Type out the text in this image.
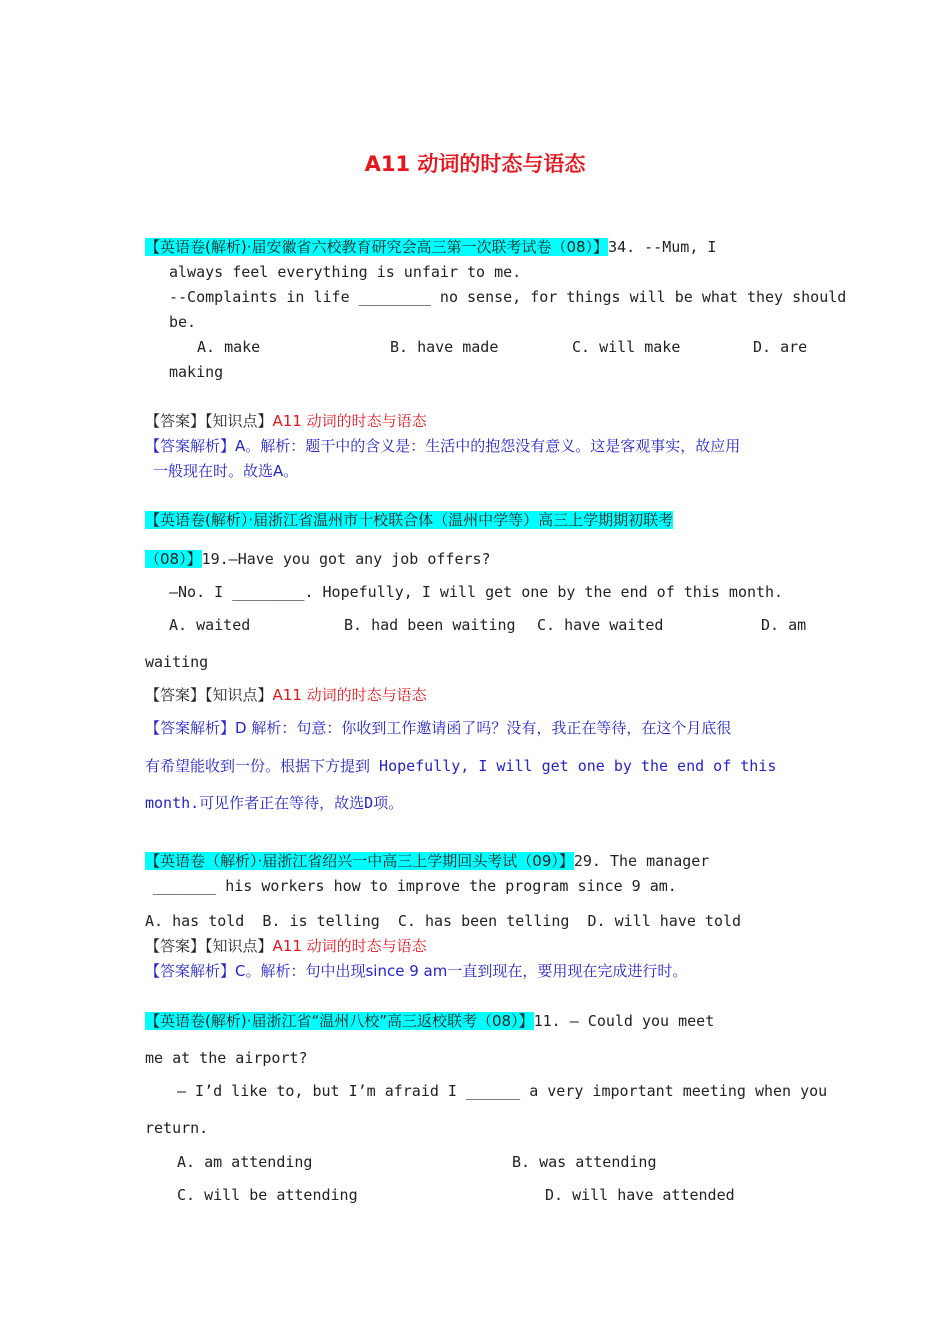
A11 动词的时态与语态
【英语卷(解析)·届安徽省六校教育研究会高三第一次联考试卷（08）】34. --Mum, I
always feel everything is unfair to me.
--Complaints in life ________ no sense, for things will be what they should
be.
A. make	B. have made	C. will make	D. are
making
【答案】【知识点】A11 动词的时态与语态
【答案解析】A。解析：题干中的含义是：生活中的抱怨没有意义。这是客观事实，故应用
一般现在时。故选A。
【英语卷(解析）·届浙江省温州市十校联合体（温州中学等）高三上学期期初联考
（08）】19.—Have you got any job offers?
—No. I ________. Hopefully, I will get one by the end of this month.
A. waited	B. had been waiting C. have waited	D. am
waiting
【答案】【知识点】A11 动词的时态与语态
【答案解析】D 解析：句意：你收到工作邀请函了吗？没有，我正在等待，在这个月底很
有希望能收到一份。根据下方提到 Hopefully, I will get one by the end of this
month.可见作者正在等待，故选D项。
【英语卷（解析）·届浙江省绍兴一中高三上学期回头考试（09）】29. The manager
_______ his workers how to improve the program since 9 am.
A. has told  B. is telling  C. has been telling  D. will have told
【答案】【知识点】A11 动词的时态与语态
【答案解析】C。解析：句中出现since 9 am一直到现在，要用现在完成进行时。
【英语卷(解析)·届浙江省“温州八校”高三返校联考（08）】11. — Could you meet
me at the airport?
— I’d like to, but I’m afraid I ______ a very important meeting when you
return.
A. am attending	B. was attending
C. will be attending	D. will have attended
